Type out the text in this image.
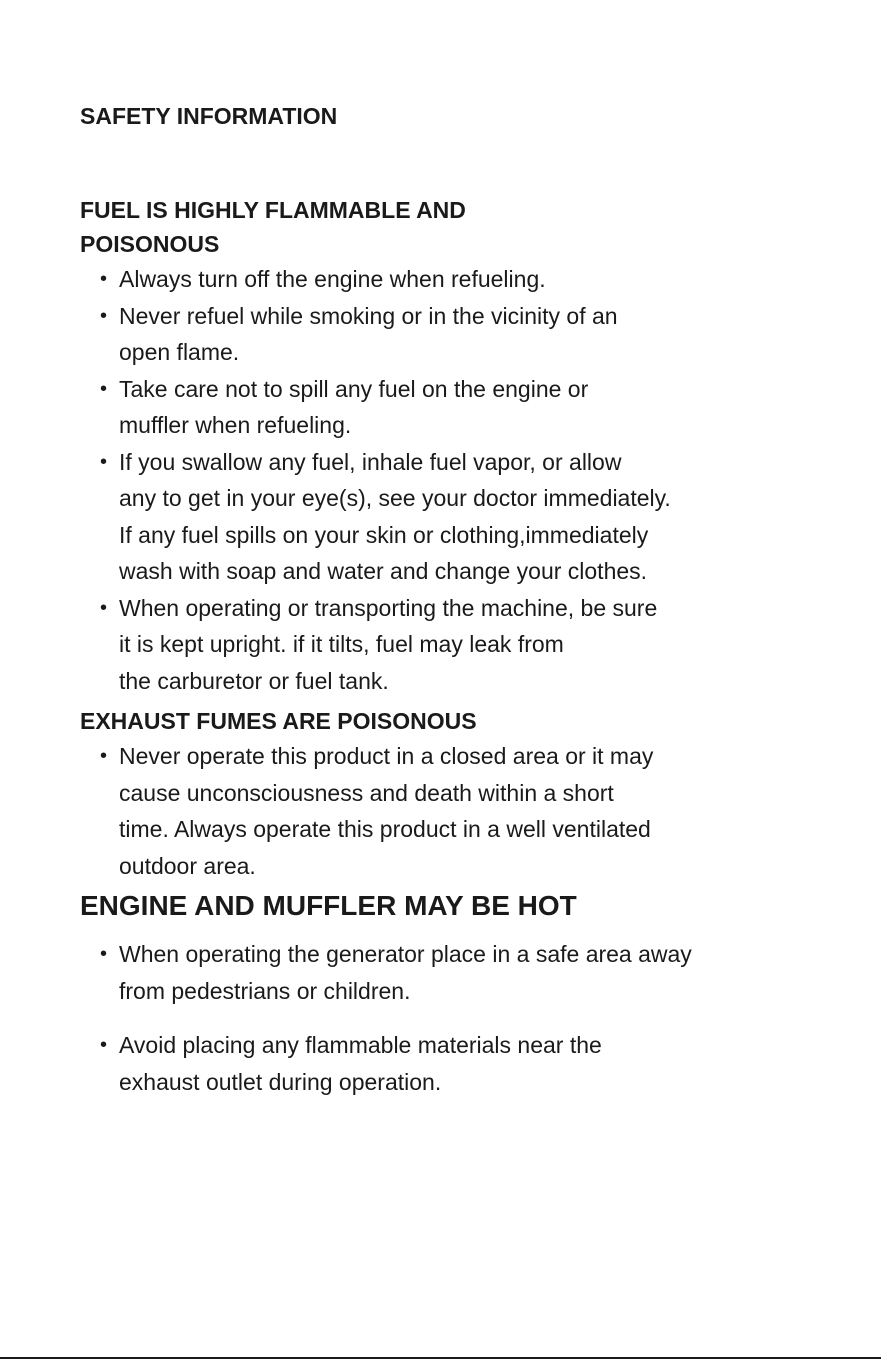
SAFETY INFORMATION
FUEL IS HIGHLY FLAMMABLE AND
POISONOUS
• Always turn off the engine when refueling.
• Never refuel while smoking or in the vicinity of an
open flame.
• Take care not to spill any fuel on the engine or
muffler when refueling.
• If you swallow any fuel, inhale fuel vapor, or allow
any to get in your eye(s), see your doctor immediately.
If any fuel spills on your skin or clothing,immediately
wash with soap and water and change your clothes.
• When operating or transporting the machine, be sure
it is kept upright. if it tilts, fuel may leak from
the carburetor or fuel tank.
EXHAUST FUMES ARE POISONOUS
• Never operate this product in a closed area or it may
cause unconsciousness and death within a short
time. Always operate this product in a well ventilated
outdoor area.
ENGINE AND MUFFLER MAY BE HOT
• When operating the generator place in a safe area away
from pedestrians or children.
• Avoid placing any flammable materials near the
exhaust outlet during operation.
